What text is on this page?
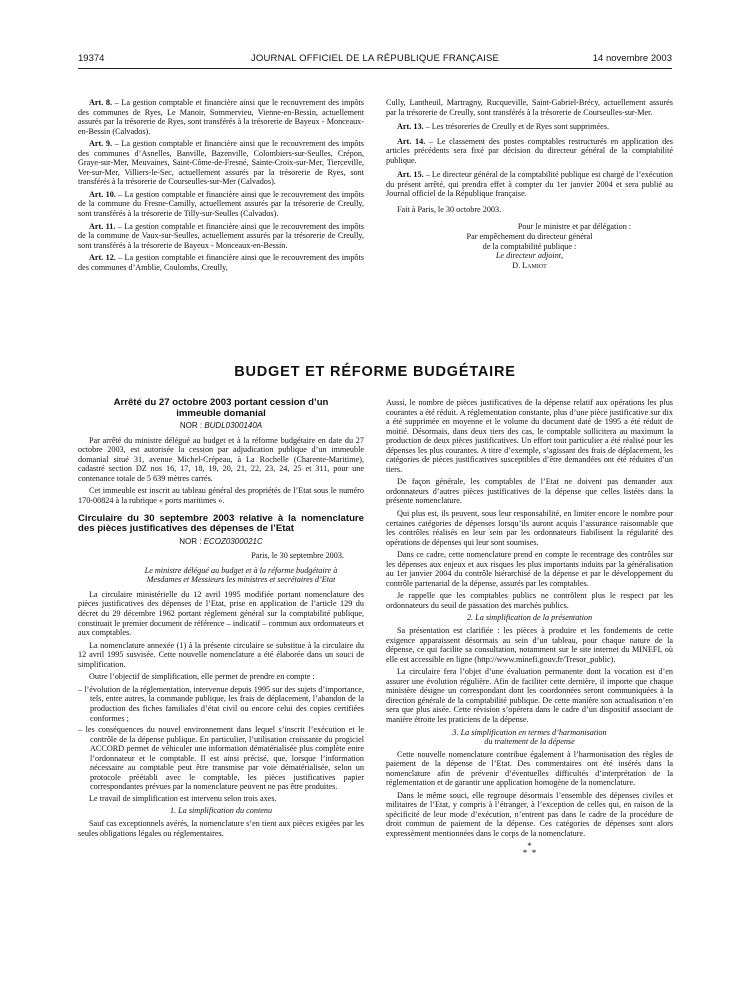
19374	JOURNAL OFFICIEL DE LA RÉPUBLIQUE FRANÇAISE	14 novembre 2003

Art. 8. – La gestion comptable et financière ainsi que le recouvrement des impôts des communes de Ryes, Le Manoir, Sommervieu, Vienne-en-Bessin, actuellement assurés par la trésorerie de Ryes, sont transférés à la trésorerie de Bayeux - Monceaux-en-Bessin (Calvados).

Art. 9. – La gestion comptable et financière ainsi que le recouvrement des impôts des communes d’Asnelles, Banville, Bazenville, Colombiers-sur-Seulles, Crépon, Graye-sur-Mer, Meuvaines, Saint-Côme-de-Fresné, Sainte-Croix-sur-Mer, Tierceville, Ver-sur-Mer, Villiers-le-Sec, actuellement assurés par la trésorerie de Ryes, sont transférés à la trésorerie de Courseulles-sur-Mer (Calvados).

Art. 10. – La gestion comptable et financière ainsi que le recouvrement des impôts de la commune du Fresne-Camilly, actuellement assurés par la trésorerie de Creully, sont transférés à la trésorerie de Tilly-sur-Seulles (Calvados).

Art. 11. – La gestion comptable et financière ainsi que le recouvrement des impôts de la commune de Vaux-sur-Seulles, actuellement assurés par la trésorerie de Creully, sont transférés à la trésorerie de Bayeux - Monceaux-en-Bessin.

Art. 12. – La gestion comptable et financière ainsi que le recouvrement des impôts des communes d’Amblie, Coulombs, Creully,

Cully, Lantheuil, Martragny, Rucqueville, Saint-Gabriel-Brécy, actuellement assurés par la trésorerie de Creully, sont transférés à la trésorerie de Courseulles-sur-Mer.

Art. 13. – Les trésoreries de Creully et de Ryes sont supprimées.

Art. 14. – Le classement des postes comptables restructurés en application des articles précédents sera fixé par décision du directeur général de la comptabilité publique.

Art. 15. – Le directeur général de la comptabilité publique est chargé de l’exécution du présent arrêté, qui prendra effet à compter du 1er janvier 2004 et sera publié au Journal officiel de la République française.

Fait à Paris, le 30 octobre 2003.

Pour le ministre et par délégation :

Par empêchement du directeur général

de la comptabilité publique :

Le directeur adjoint,

D. Lamiot

BUDGET ET RÉFORME BUDGÉTAIRE

Arrêté du 27 octobre 2003 portant cession d’un immeuble domanial

NOR : BUDL0300140A

Par arrêté du ministre délégué au budget et à la réforme budgétaire en date du 27 octobre 2003, est autorisée la cession par adjudication publique d’un immeuble domanial situé 31, avenue Michel-Crépeau, à La Rochelle (Charente-Maritime), cadastré section DZ nos 16, 17, 18, 19, 20, 21, 22, 23, 24, 25 et 311, pour une contenance totale de 5 639 mètres carrés.

Cet immeuble est inscrit au tableau général des propriétés de l’Etat sous le numéro 170-00824 à la rubrique « ports maritimes ».

Circulaire du 30 septembre 2003 relative à la nomenclature des pièces justificatives des dépenses de l’Etat

NOR : ECOZ0300021C

Paris, le 30 septembre 2003.

Le ministre délégué au budget et à la réforme budgétaire à Mesdames et Messieurs les ministres et secrétaires d’Etat

La circulaire ministérielle du 12 avril 1995 modifiée portant nomenclature des pièces justificatives des dépenses de l’Etat, prise en application de l’article 129 du décret du 29 décembre 1962 portant règlement général sur la comptabilité publique, constituait le premier document de référence – indicatif – commun aux ordonnateurs et aux comptables.

La nomenclature annexée (1) à la présente circulaire se substitue à la circulaire du 12 avril 1995 susvisée. Cette nouvelle nomenclature a été élaborée dans un souci de simplification.

Outre l’objectif de simplification, elle permet de prendre en compte :

– l’évolution de la réglementation, intervenue depuis 1995 sur des sujets d’importance, tels, entre autres, la commande publique, les frais de déplacement, l’abandon de la production des fiches familiales d’état civil ou encore celui des copies certifiées conformes ;

– les conséquences du nouvel environnement dans lequel s’inscrit l’exécution et le contrôle de la dépense publique. En particulier, l’utilisation croissante du progiciel ACCORD permet de véhiculer une information dématérialisée plus complète entre l’ordonnateur et le comptable. Il est ainsi précisé, que, lorsque l’information nécessaire au comptable peut être transmise par voie dématérialisée, selon un protocole préétabli avec le comptable, les pièces justificatives papier correspondantes prévues par la nomenclature peuvent ne pas être produites.

Le travail de simplification est intervenu selon trois axes.

1. La simplification du contenu

Sauf cas exceptionnels avérés, la nomenclature s’en tient aux pièces exigées par les seules obligations légales ou réglementaires.

Aussi, le nombre de pièces justificatives de la dépense relatif aux opérations les plus courantes a été réduit. A réglementation constante, plus d’une pièce justificative sur dix a été supprimée en moyenne et le volume du document daté de 1995 a été réduit de moitié. Désormais, dans deux tiers des cas, le comptable sollicitera au maximum la production de deux pièces justificatives. Un effort tout particulier a été réalisé pour les dépenses les plus courantes. A titre d’exemple, s’agissant des frais de déplacement, les catégories de pièces justificatives susceptibles d’être demandées ont été réduites d’un tiers.

De façon générale, les comptables de l’Etat ne doivent pas demander aux ordonnateurs d’autres pièces justificatives de la dépense que celles listées dans la présente nomenclature.

Qui plus est, ils peuvent, sous leur responsabilité, en limiter encore le nombre pour certaines catégories de dépenses lorsqu’ils auront acquis l’assurance raisonnable que les contrôles réalisés en leur sein par les ordonnateurs fiabilisent la régularité des opérations de dépenses qui leur sont soumises.

Dans ce cadre, cette nomenclature prend en compte le recentrage des contrôles sur les dépenses aux enjeux et aux risques les plus importants induits par la généralisation au 1er janvier 2004 du contrôle hiérarchisé de la dépense et par le développement du contrôle partenarial de la dépense, assurés par les comptables.

Je rappelle que les comptables publics ne contrôlent plus le respect par les ordonnateurs du seuil de passation des marchés publics.

2. La simplification de la présentation

Sa présentation est clarifiée : les pièces à produire et les fondements de cette exigence apparaissent désormais au sein d’un tableau, pour chaque nature de la dépense, ce qui facilite sa consultation, notamment sur le site internet du MINEFI, où elle est accessible en ligne (http://www.minefi.gouv.fr/Tresor_public).

La circulaire fera l’objet d’une évaluation permanente dont la vocation est d’en assurer une évolution régulière. Afin de faciliter cette dernière, il importe que chaque ministère désigne un correspondant dont les coordonnées seront communiquées à la direction générale de la comptabilité publique. De cette manière son actualisation n’en sera que plus aisée. Cette révision s’opérera dans le cadre d’un dispositif associant de manière étroite les praticiens de la dépense.

3. La simplification en termes d’harmonisation

du traitement de la dépense

Cette nouvelle nomenclature contribue également à l’harmonisation des règles de paiement de la dépense de l’Etat. Des commentaires ont été insérés dans la nomenclature afin de prévenir d’éventuelles difficultés d’interprétation de la réglementation et de garantir une application homogène de la nomenclature.

Dans le même souci, elle regroupe désormais l’ensemble des dépenses civiles et militaires de l’Etat, y compris à l’étranger, à l’exception de celles qui, en raison de la spécificité de leur mode d’exécution, n’entrent pas dans le cadre de la procédure de droit commun de paiement de la dépense. Ces catégories de dépenses sont alors expressément mentionnées dans le corps de la nomenclature.

*
* *
